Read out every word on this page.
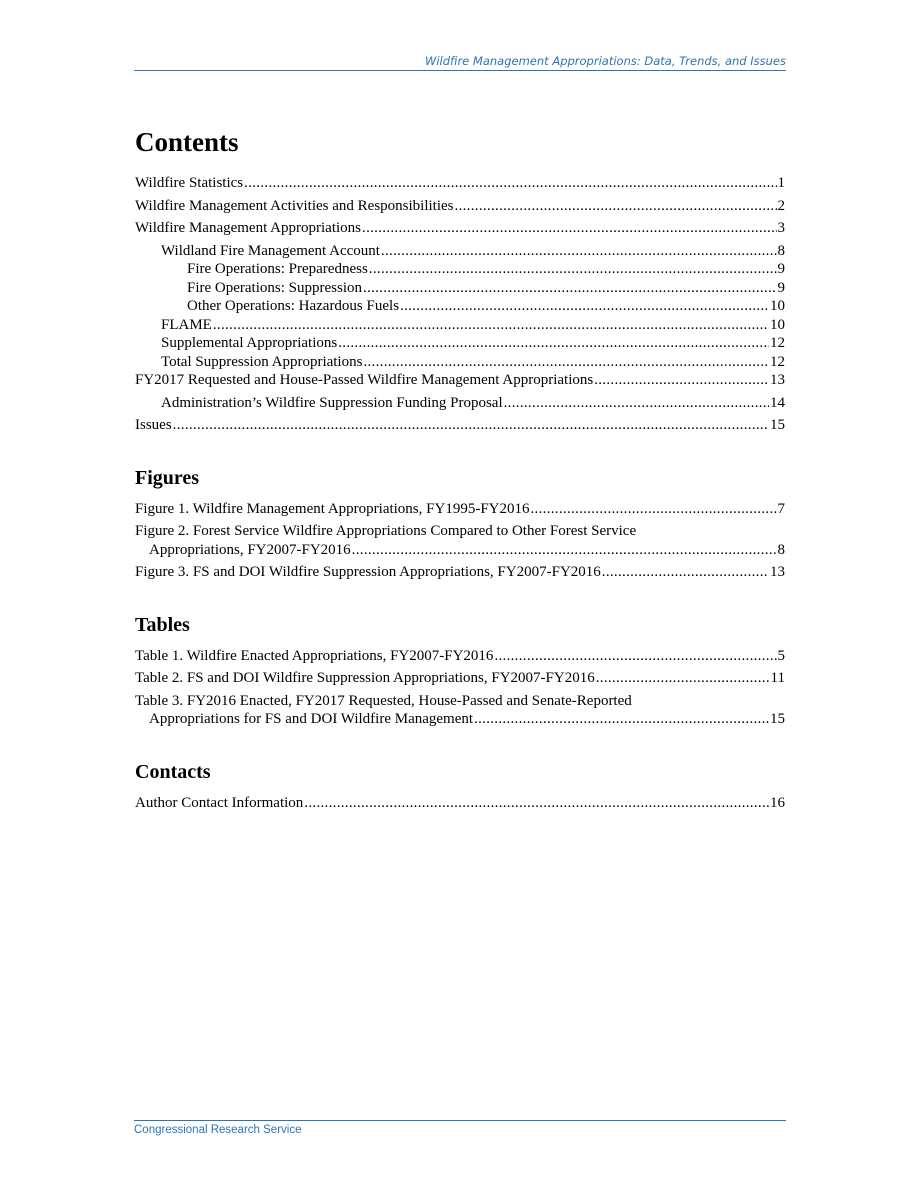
Wildfire Management Appropriations: Data, Trends, and Issues
Contents
Wildfire Statistics .....	1
Wildfire Management Activities and Responsibilities .....	2
Wildfire Management Appropriations .....	3
Wildland Fire Management Account .....	8
Fire Operations: Preparedness .....	9
Fire Operations: Suppression .....	9
Other Operations: Hazardous Fuels .....	10
FLAME .....	10
Supplemental Appropriations .....	12
Total Suppression Appropriations .....	12
FY2017 Requested and House-Passed Wildfire Management Appropriations .....	13
Administration’s Wildfire Suppression Funding Proposal .....	14
Issues .....	15
Figures
Figure 1. Wildfire Management Appropriations, FY1995-FY2016 .....	7
Figure 2. Forest Service Wildfire Appropriations Compared to Other Forest Service
Appropriations, FY2007-FY2016 .....	8
Figure 3. FS and DOI Wildfire Suppression Appropriations, FY2007-FY2016 .....	13
Tables
Table 1. Wildfire Enacted Appropriations, FY2007-FY2016 .....	5
Table 2. FS and DOI Wildfire Suppression Appropriations, FY2007-FY2016 .....	11
Table 3. FY2016 Enacted, FY2017 Requested, House-Passed and Senate-Reported
Appropriations for FS and DOI Wildfire Management .....	15
Contacts
Author Contact Information .....	16
Congressional Research Service
